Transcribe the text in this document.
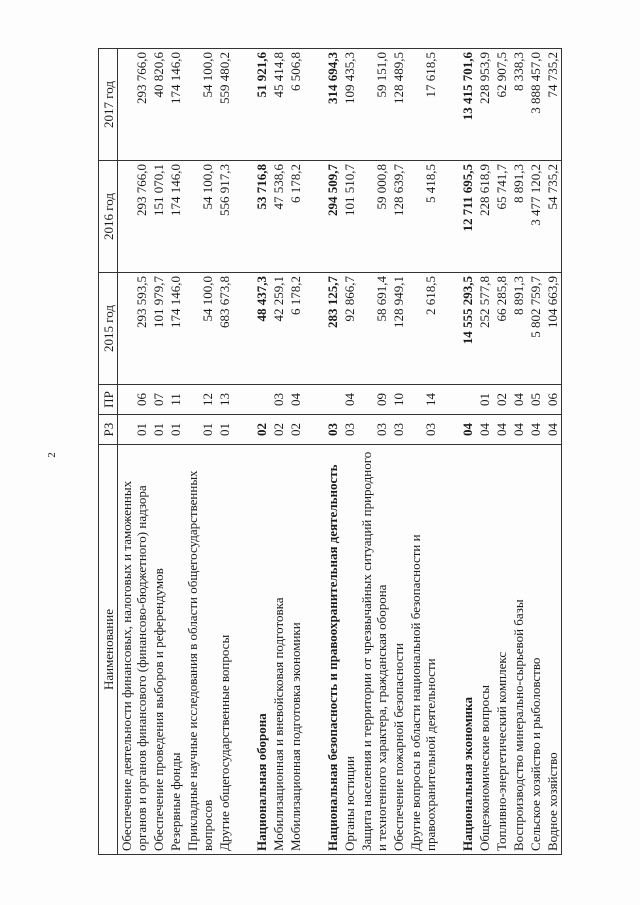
2
Наименование	РЗ	ПР	2015 год	2016 год	2017 год
Обеспечение деятельности финансовых, налоговых и таможенных органов и органов финансового (финансово-бюджетного) надзора	01	06	293 593,5	293 766,0	293 766,0
Обеспечение проведения выборов и референдумов	01	07	101 979,7	151 070,1	40 820,6
Резервные фонды	01	11	174 146,0	174 146,0	174 146,0
Прикладные научные исследования в области общегосударственных вопросов	01	12	54 100,0	54 100,0	54 100,0
Другие общегосударственные вопросы	01	13	683 673,8	556 917,3	559 480,2

Национальная оборона	02		48 437,3	53 716,8	51 921,6
Мобилизационная и вневойсковая подготовка	02	03	42 259,1	47 538,6	45 414,8
Мобилизационная подготовка экономики	02	04	6 178,2	6 178,2	6 506,8

Национальная безопасность и правоохранительная деятельность	03		283 125,7	294 509,7	314 694,3
Органы юстиции	03	04	92 866,7	101 510,7	109 435,3
Защита населения и территории от чрезвычайных ситуаций природного и техногенного характера, гражданская оборона	03	09	58 691,4	59 000,8	59 151,0
Обеспечение пожарной безопасности	03	10	128 949,1	128 639,7	128 489,5
Другие вопросы в области национальной безопасности и правоохранительной деятельности	03	14	2 618,5	5 418,5	17 618,5

Национальная экономика	04		14 555 293,5	12 711 695,5	13 415 701,6
Общеэкономические вопросы	04	01	252 577,8	228 618,9	228 953,9
Топливно-энергетический комплекс	04	02	66 285,8	65 741,7	62 907,5
Воспроизводство минерально-сырьевой базы	04	04	8 891,3	8 891,3	8 338,3
Сельское хозяйство и рыболовство	04	05	5 802 759,7	3 477 120,2	3 888 457,0
Водное хозяйство	04	06	104 663,9	54 735,2	74 735,2
